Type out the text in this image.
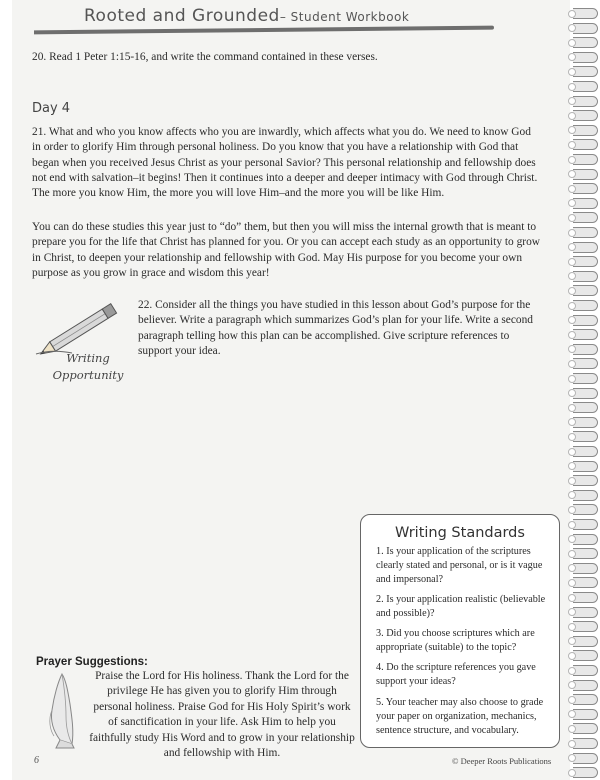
Rooted and Grounded– Student Workbook
20. Read 1 Peter 1:15-16, and write the command contained in these verses.
Day 4
21. What and who you know affects who you are inwardly, which affects what you do. We need to know God in order to glorify Him through personal holiness. Do you know that you have a relationship with God that began when you received Jesus Christ as your personal Savior? This personal relationship and fellowship does not end with salvation–it begins! Then it continues into a deeper and deeper intimacy with God through Christ. The more you know Him, the more you will love Him–and the more you will be like Him.
You can do these studies this year just to “do” them, but then you will miss the internal growth that is meant to prepare you for the life that Christ has planned for you. Or you can accept each study as an opportunity to grow in Christ, to deepen your relationship and fellowship with God. May His purpose for you become your own purpose as you grow in grace and wisdom this year!
Writing
Opportunity
22. Consider all the things you have studied in this lesson about God’s purpose for the believer. Write a paragraph which summarizes God’s plan for your life. Write a second paragraph telling how this plan can be accomplished. Give scripture references to support your idea.
Writing Standards
1. Is your application of the scriptures clearly stated and personal, or is it vague and impersonal?
2. Is your application realistic (believable and possible)?
3. Did you choose scriptures which are appropriate (suitable) to the topic?
4. Do the scripture references you gave support your ideas?
5. Your teacher may also choose to grade your paper on organization, mechanics, sentence structure, and vocabulary.
Prayer Suggestions:
Praise the Lord for His holiness. Thank the Lord for the privilege He has given you to glorify Him through personal holiness. Praise God for His Holy Spirit’s work of sanctification in your life. Ask Him to help you faithfully study His Word and to grow in your relationship and fellowship with Him.
6	© Deeper Roots Publications
